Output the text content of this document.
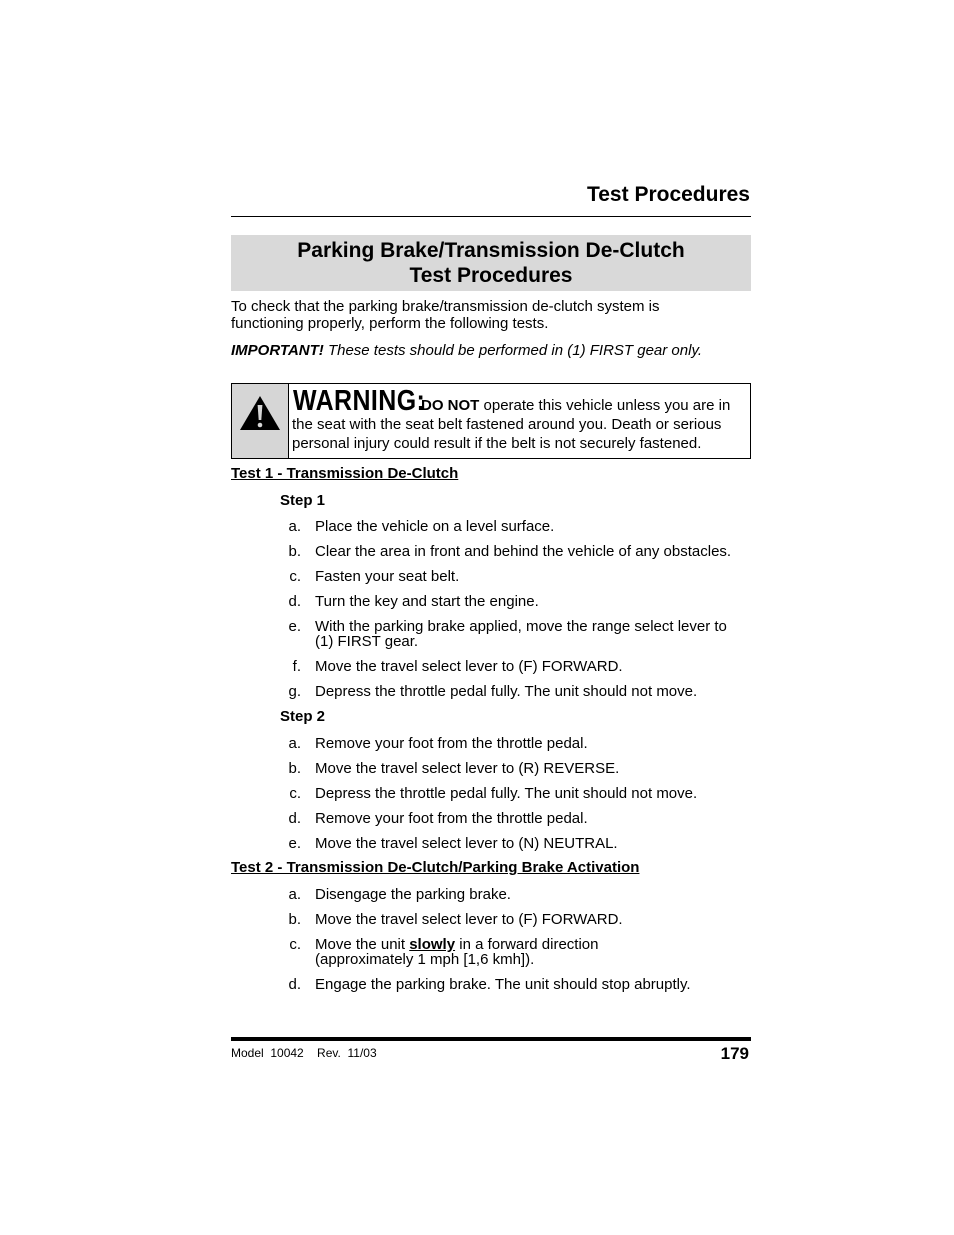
Test Procedures
Parking Brake/Transmission De-Clutch
Test Procedures
To check that the parking brake/transmission de-clutch system is
functioning properly, perform the following tests.
IMPORTANT! These tests should be performed in (1) FIRST gear only.
WARNING:
DO NOT operate this vehicle unless you are in
the seat with the seat belt fastened around you. Death or serious
personal injury could result if the belt is not securely fastened.
Test 1 - Transmission De-Clutch
Step 1
a. Place the vehicle on a level surface.
b. Clear the area in front and behind the vehicle of any obstacles.
c. Fasten your seat belt.
d. Turn the key and start the engine.
e. With the parking brake applied, move the range select lever to
(1) FIRST gear.
f. Move the travel select lever to (F) FORWARD.
g. Depress the throttle pedal fully. The unit should not move.
Step 2
a. Remove your foot from the throttle pedal.
b. Move the travel select lever to (R) REVERSE.
c. Depress the throttle pedal fully. The unit should not move.
d. Remove your foot from the throttle pedal.
e. Move the travel select lever to (N) NEUTRAL.
Test 2 - Transmission De-Clutch/Parking Brake Activation
a. Disengage the parking brake.
b. Move the travel select lever to (F) FORWARD.
c. Move the unit slowly in a forward direction
(approximately 1 mph [1,6 kmh]).
d. Engage the parking brake. The unit should stop abruptly.
Model  10042    Rev.  11/03	179
